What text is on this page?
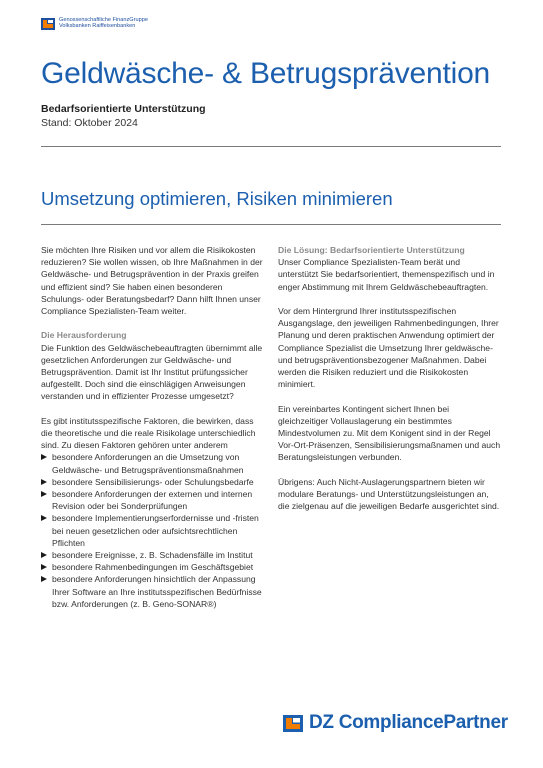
Genossenschaftliche FinanzGruppe
Volksbanken Raiffeisenbanken
Geldwäsche- & Betrugsprävention
Bedarfsorientierte Unterstützung
Stand: Oktober 2024
Umsetzung optimieren, Risiken minimieren

Sie möchten Ihre Risiken und vor allem die Risikokosten reduzieren? Sie wollen wissen, ob Ihre Maßnahmen in der Geldwäsche- und Betrugsprävention in der Praxis greifen und effizient sind? Sie haben einen besonderen Schulungs- oder Beratungsbedarf? Dann hilft Ihnen unser Compliance Spezialisten-Team weiter.

Die Herausforderung

Die Funktion des Geldwäschebeauftragten übernimmt alle gesetzlichen Anforderungen zur Geldwäsche- und Betrugsprävention. Damit ist Ihr Institut prüfungssicher aufgestellt. Doch sind die einschlägigen Anweisungen verstanden und in effizienter Prozesse umgesetzt?

Es gibt institutsspezifische Faktoren, die bewirken, dass die theoretische und die reale Risikolage unterschiedlich sind. Zu diesen Faktoren gehören unter anderem

besondere Anforderungen an die Umsetzung von Geldwäsche- und Betrugspräventionsmaßnahmen
besondere Sensibilisierungs- oder Schulungsbedarfe
besondere Anforderungen der externen und internen Revision oder bei Sonderprüfungen
besondere Implementierungserfordernisse und -fristen bei neuen gesetzlichen oder aufsichtsrechtlichen Pflichten
besondere Ereignisse, z. B. Schadensfälle im Institut
besondere Rahmenbedingungen im Geschäftsgebiet
besondere Anforderungen hinsichtlich der Anpassung Ihrer Software an Ihre institutsspezifischen Bedürfnisse bzw. Anforderungen (z. B. Geno-SONAR®)
Die Lösung: Bedarfsorientierte Unterstützung

Unser Compliance Spezialisten-Team berät und unterstützt Sie bedarfsorientiert, themenspezifisch und in enger Abstimmung mit Ihrem Geldwäschebeauftragten.

Vor dem Hintergrund Ihrer institutsspezifischen Ausgangslage, den jeweiligen Rahmenbedingungen, Ihrer Planung und deren praktischen Anwendung optimiert der Compliance Spezialist die Umsetzung Ihrer geldwäsche- und betrugspräventionsbezogener Maßnahmen. Dabei werden die Risiken reduziert und die Risikokosten minimiert.

Ein vereinbartes Kontingent sichert Ihnen bei gleichzeitiger Vollauslagerung ein bestimmtes Mindestvolumen zu. Mit dem Konigent sind in der Regel Vor-Ort-Präsenzen, Sensibilisierungsmaßnamen und auch Beratungsleistungen verbunden.

Übrigens: Auch Nicht-Auslagerungspartnern bieten wir modulare Beratungs- und Unterstützungsleistungen an, die zielgenau auf die jeweiligen Bedarfe ausgerichtet sind.

DZ CompliancePartner
